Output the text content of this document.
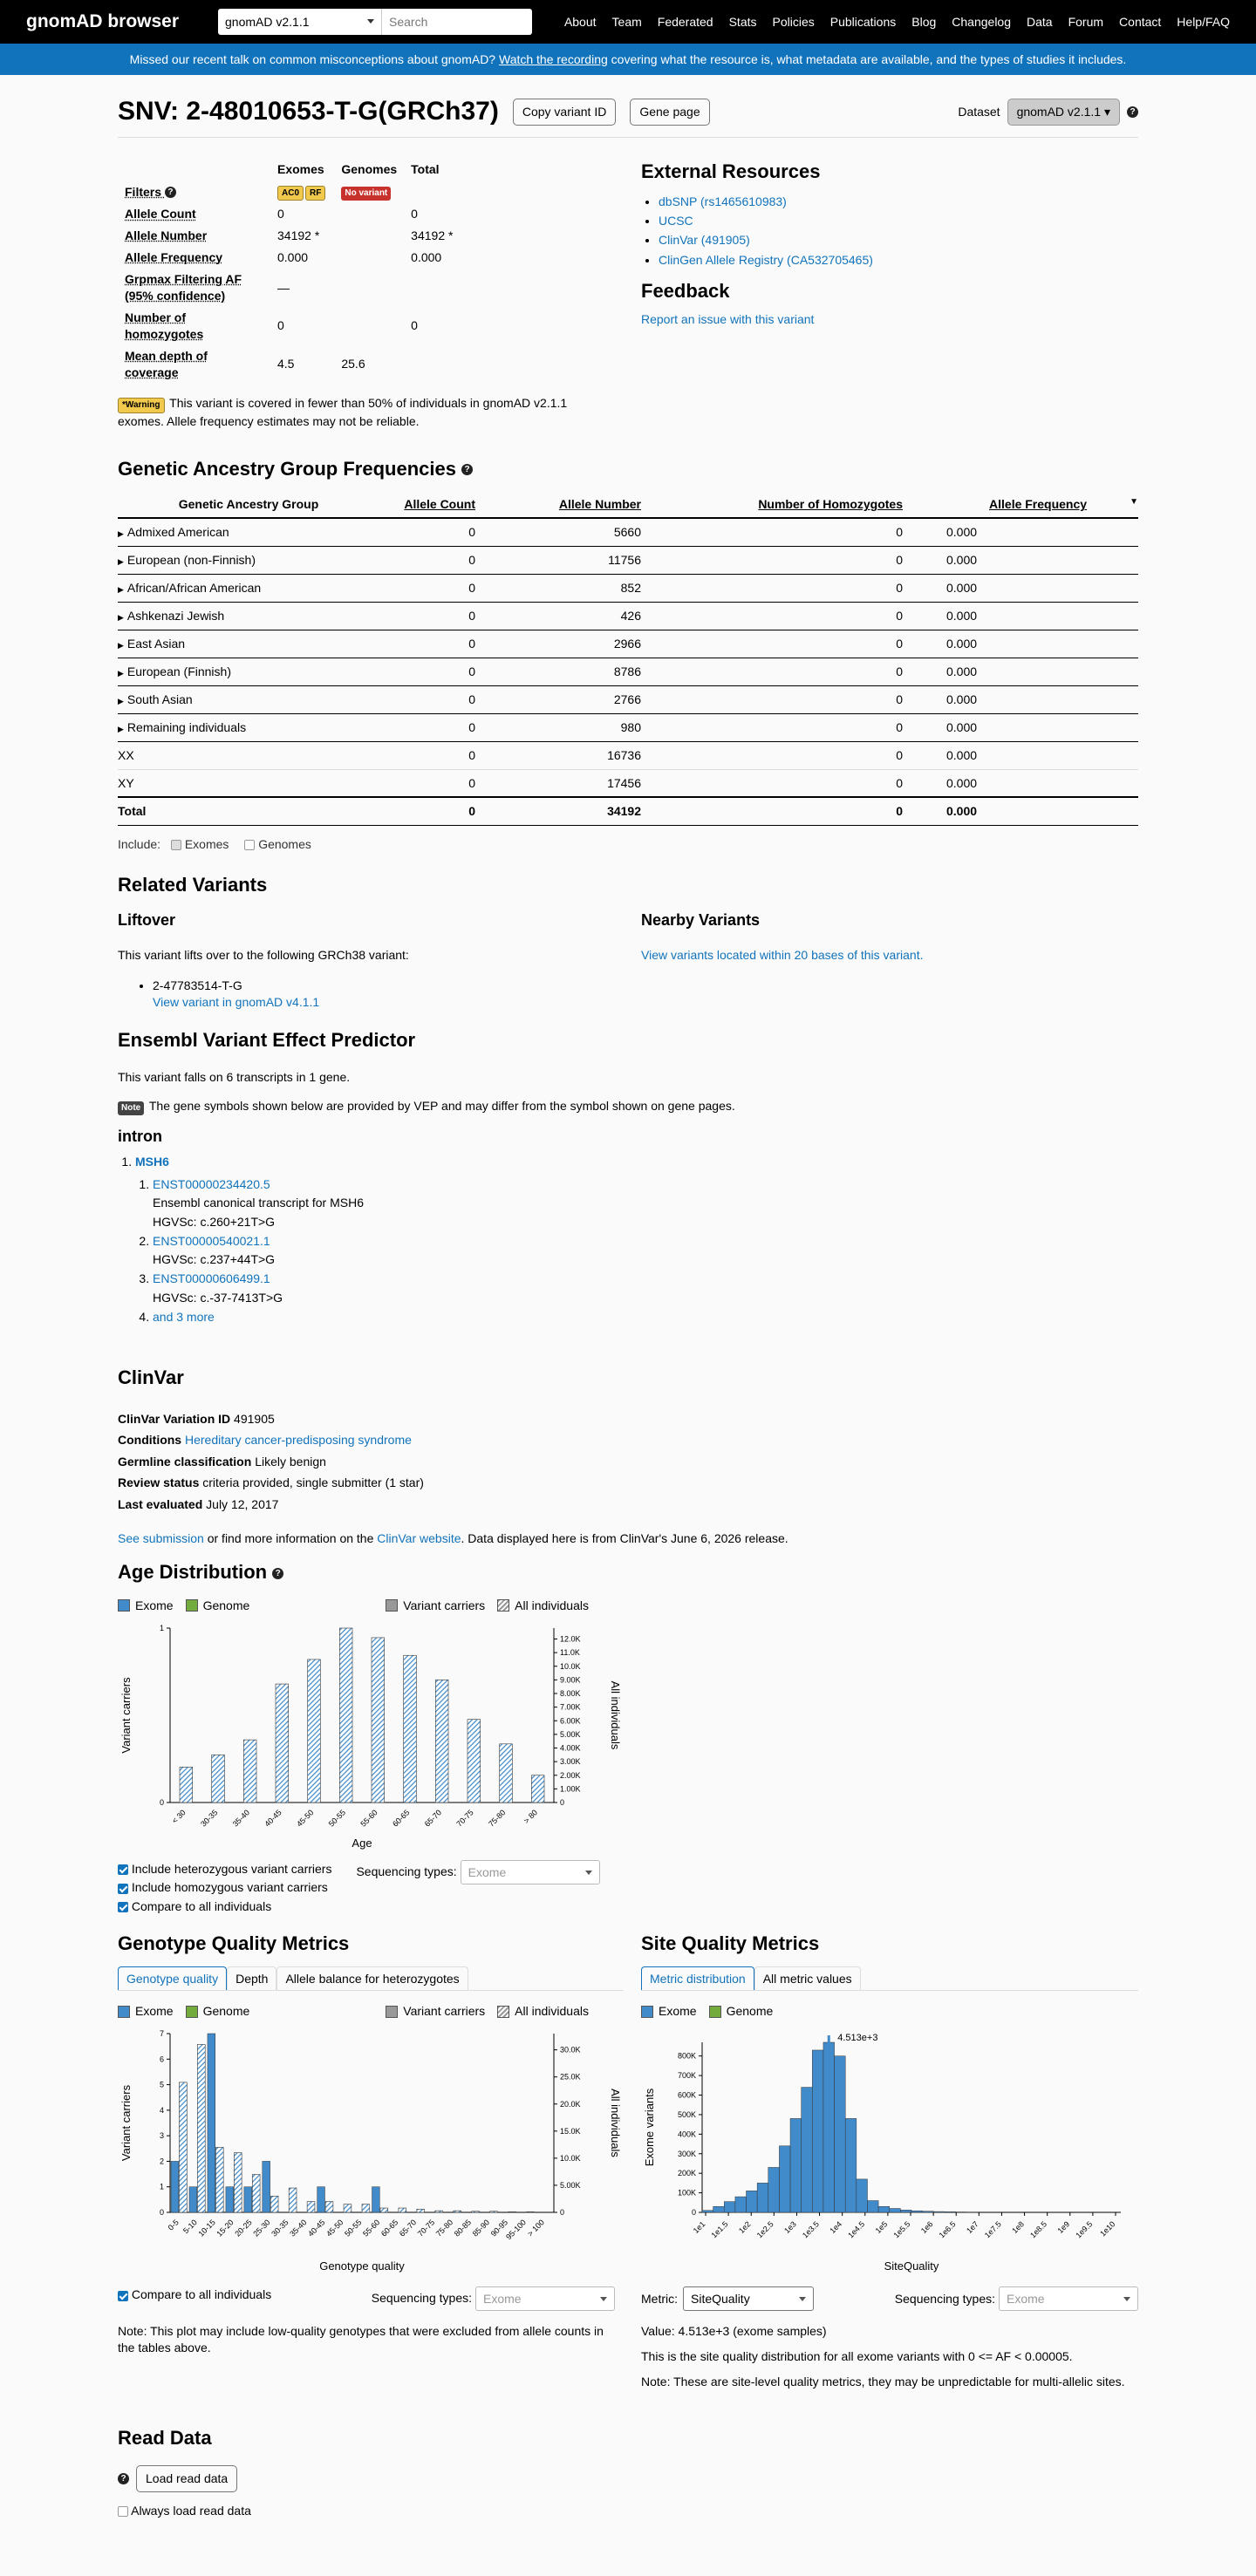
gnomAD browser	gnomAD v2.1.1	Search	About Team Federated Stats Policies Publications Blog Changelog Data Forum Contact Help/FAQ
Missed our recent talk on common misconceptions about gnomAD? Watch the recording covering what the resource is, what metadata are available, and the types of studies it includes.
SNV: 2-48010653-T-G(GRCh37)	Copy variant ID	Gene page	Dataset	gnomAD v2.1.1 ▾	?
	Exomes	Genomes	Total
Filters ?	AC0 RF	No variant	
Allele Count	0		0
Allele Number	34192 *		34192 *
Allele Frequency	0.000		0.000
Grpmax Filtering AF (95% confidence)	—		
Number of homozygotes	0		0
Mean depth of coverage	4.5	25.6	
*Warning This variant is covered in fewer than 50% of individuals in gnomAD v2.1.1 exomes. Allele frequency estimates may not be reliable.
External Resources
• dbSNP (rs1465610983)
• UCSC
• ClinVar (491905)
• ClinGen Allele Registry (CA532705465)
Feedback
Report an issue with this variant
Genetic Ancestry Group Frequencies ?
Genetic Ancestry Group	Allele Count	Allele Number	Number of Homozygotes	Allele Frequency ▼

▶ Admixed American	0	5660	0	0.000
▶ European (non-Finnish)	0	11756	0	0.000
▶ African/African American	0	852	0	0.000
▶ Ashkenazi Jewish	0	426	0	0.000
▶ East Asian	0	2966	0	0.000
▶ European (Finnish)	0	8786	0	0.000
▶ South Asian	0	2766	0	0.000
▶ Remaining individuals	0	980	0	0.000
XX	0	16736	0	0.000
XY	0	17456	0	0.000
Total	0	34192	0	0.000
Include: Exomes Genomes
Related Variants
Liftover

This variant lifts over to the following GRCh38 variant:

• 2-47783514-T-G
View variant in gnomAD v4.1.1
Nearby Variants

View variants located within 20 bases of this variant.

Ensembl Variant Effect Predictor

This variant falls on 6 transcripts in 1 gene.

Note The gene symbols shown below are provided by VEP and may differ from the symbol shown on gene pages.

intron
1. MSH6
1. ENST00000234420.5
Ensembl canonical transcript for MSH6
HGVSc: c.260+21T>G
2. ENST00000540021.1
HGVSc: c.237+44T>G
3. ENST00000606499.1
HGVSc: c.-37-7413T>G
4. and 3 more
ClinVar
ClinVar Variation ID 491905
Conditions Hereditary cancer-predisposing syndrome
Germline classification Likely benign
Review status criteria provided, single submitter (1 star)
Last evaluated July 12, 2017

See submission or find more information on the ClinVar website. Data displayed here is from ClinVar's June 6, 2026 release.

Age Distribution ?
Exome Genome	Variant carriers All individuals
0
1
0
1.00K
2.00K
3.00K
4.00K
5.00K
6.00K
7.00K
8.00K
9.00K
10.0K
11.0K
12.0K
< 30 30-35 35-40 40-45 45-50 50-55 55-60 60-65 65-70 70-75 75-80 > 80
Age
Variant carriers	All individuals
Include heterozygous variant carriers
Include homozygous variant carriers
Compare to all individuals
Sequencing types: Exome
Genotype Quality Metrics
Genotype quality	Depth	Allele balance for heterozygotes
Exome Genome	Variant carriers All individuals
0
1
2
3
4
5
6
7
0
5.00K
10.0K
15.0K
20.0K
25.0K
30.0K
0-5 5-10
10-15
15-20
20-25
25-30
30-35
35-40
40-45
45-50
50-55
55-60
60-65
65-70
70-75
75-80
80-85
85-90
90-95
95-100
> 100
Genotype quality
Variant carriers	All individuals
Compare to all individuals	Sequencing types: Exome

Note: This plot may include low-quality genotypes that were excluded from allele counts in the tables above.

Site Quality Metrics
Metric distribution	All metric values
Exome Genome
0
100K
200K
300K
400K
500K
600K
700K
800K
1e1 1e1.5 1e2 1e2.5 1e3 1e3.5 1e4 1e4.5 1e5 1e5.5 1e6 1e6.5 1e7 1e7.5 1e8 1e8.5 1e9 1e9.5 1e10
4.513e+3
SiteQuality
Exome variants
Metric:	SiteQuality	Sequencing types: Exome

Value: 4.513e+3 (exome samples)

This is the site quality distribution for all exome variants with 0 <= AF < 0.00005.

Note: These are site-level quality metrics, they may be unpredictable for multi-allelic sites.

Read Data
?	Load read data
Always load read data
